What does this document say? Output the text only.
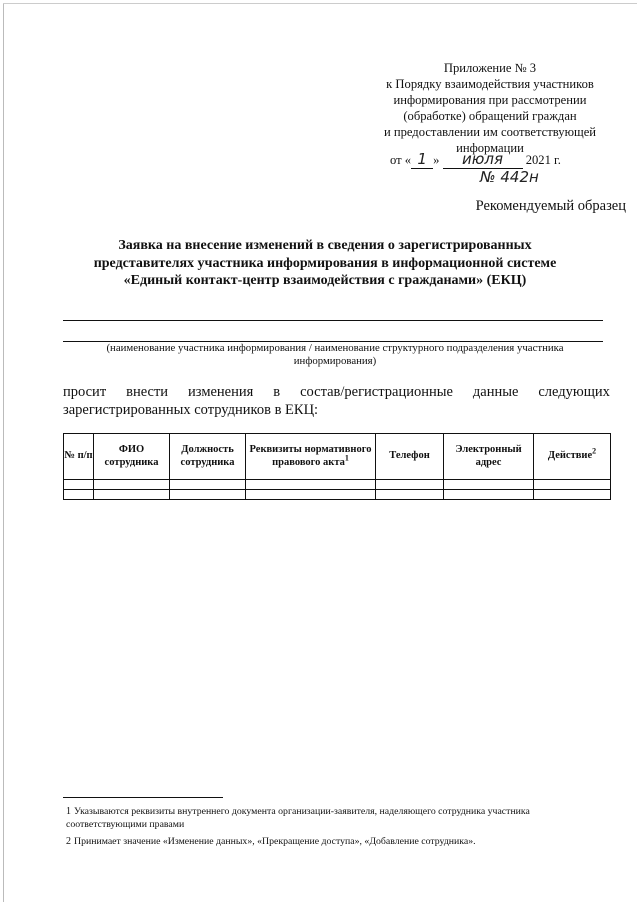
Приложение № 3
к Порядку взаимодействия участников
информирования при рассмотрении
(обработке) обращений граждан
и предоставлении им соответствующей
информации
от « 1 » июля 2021 г.
№ 442н
Рекомендуемый образец
Заявка на внесение изменений в сведения о зарегистрированных
представителях участника информирования в информационной системе
«Единый контакт-центр взаимодействия с гражданами» (ЕКЦ)
(наименование участника информирования / наименование структурного подразделения участника информирования)
просит внести изменения в состав/регистрационные данные следующих
зарегистрированных сотрудников в ЕКЦ:
№ п/п	ФИО сотрудника	Должность сотрудника	Реквизиты нормативного правового акта$^1$	Телефон	Электронный адрес	Действие$^2$

1 Указываются реквизиты внутреннего документа организации-заявителя, наделяющего сотрудника участника соответствующими правами
2 Принимает значение «Изменение данных», «Прекращение доступа», «Добавление сотрудника».
